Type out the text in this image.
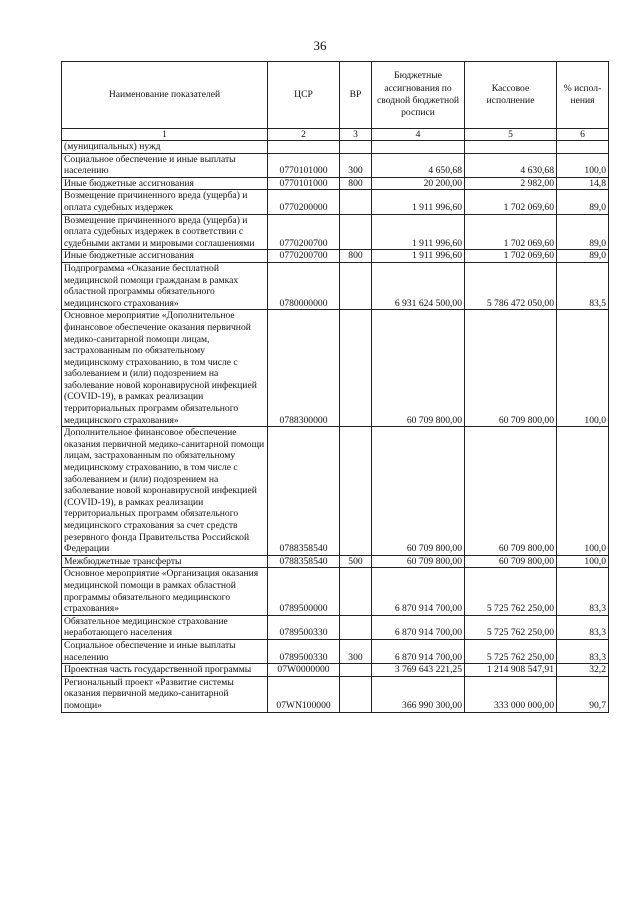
36
Наименование показателей	ЦСР	ВР	Бюджетные ассигнования по сводной бюджетной росписи	Кассовое исполнение	% испол-нения
1	2	3	4	5	6
(муниципальных) нужд					
Социальное обеспечение и иные выплаты населению	0770101000	300	4 650,68	4 630,68	100,0
Иные бюджетные ассигнования	0770101000	800	20 200,00	2 982,00	14,8
Возмещение причиненного вреда (ущерба) и оплата судебных издержек	0770200000		1 911 996,60	1 702 069,60	89,0
Возмещение причиненного вреда (ущерба) и оплата судебных издержек в соответствии с судебными актами и мировыми соглашениями	0770200700		1 911 996,60	1 702 069,60	89,0
Иные бюджетные ассигнования	0770200700	800	1 911 996,60	1 702 069,60	89,0
Подпрограмма «Оказание бесплатной медицинской помощи гражданам в рамках областной программы обязательного медицинского страхования»	0780000000		6 931 624 500,00	5 786 472 050,00	83,5
Основное мероприятие «Дополнительное финансовое обеспечение оказания первичной медико-санитарной помощи лицам, застрахованным по обязательному медицинскому страхованию, в том числе с заболеванием и (или) подозрением на заболевание новой коронавирусной инфекцией (COVID-19), в рамках реализации территориальных программ обязательного медицинского страхования»	0788300000		60 709 800,00	60 709 800,00	100,0
Дополнительное финансовое обеспечение оказания первичной медико-санитарной помощи лицам, застрахованным по обязательному медицинскому страхованию, в том числе с заболеванием и (или) подозрением на заболевание новой коронавирусной инфекцией (COVID-19), в рамках реализации территориальных программ обязательного медицинского страхования за счет средств резервного фонда Правительства Российской Федерации	0788358540		60 709 800,00	60 709 800,00	100,0
Межбюджетные трансферты	0788358540	500	60 709 800,00	60 709 800,00	100,0
Основное мероприятие «Организация оказания медицинской помощи в рамках областной программы обязательного медицинского страхования»	0789500000		6 870 914 700,00	5 725 762 250,00	83,3
Обязательное медицинское страхование неработающего населения	0789500330		6 870 914 700,00	5 725 762 250,00	83,3
Социальное обеспечение и иные выплаты населению	0789500330	300	6 870 914 700,00	5 725 762 250,00	83,3
Проектная часть государственной программы	07W0000000		3 769 643 221,25	1 214 908 547,91	32,2
Региональный проект «Развитие системы оказания первичной медико-санитарной помощи»	07WN100000		366 990 300,00	333 000 000,00	90,7
